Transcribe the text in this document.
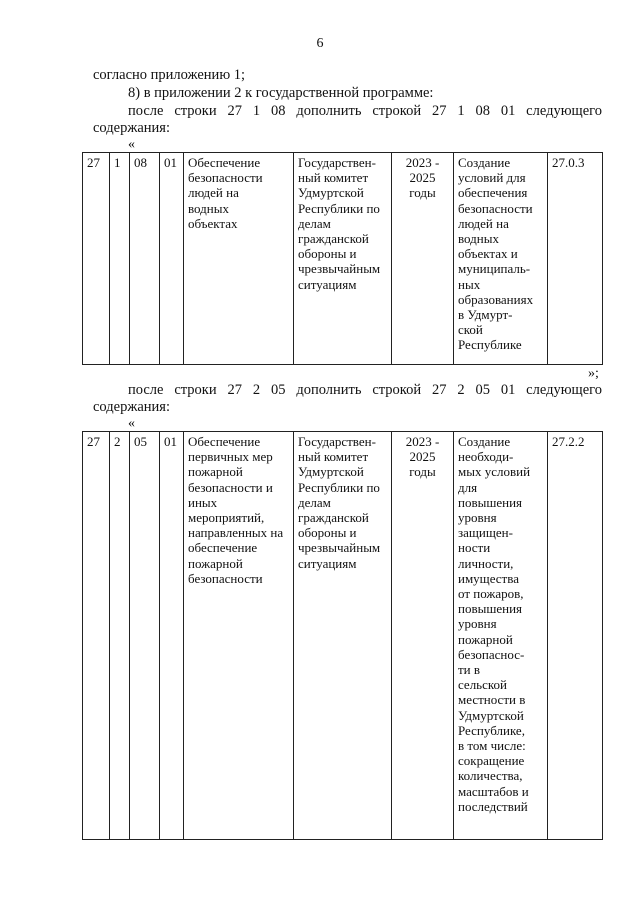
6
согласно приложению 1;
8) в приложении 2 к государственной программе:
после строки 27 1 08 дополнить строкой 27 1 08 01 следующего
содержания:
«
27	1	08	01	Обеспечение
безопасности
людей на
водных
объектах	Государствен-
ный комитет
Удмуртской
Республики по
делам
гражданской
обороны и
чрезвычайным
ситуациям	2023 -
2025
годы	Создание
условий для
обеспечения
безопасности
людей на
водных
объектах и
муниципаль-
ных
образованиях
в Удмурт-
ской
Республике	27.0.3
»;
после строки 27 2 05 дополнить строкой 27 2 05 01 следующего
содержания:
«
27	2	05	01	Обеспечение
первичных мер
пожарной
безопасности и
иных
мероприятий,
направленных на
обеспечение
пожарной
безопасности	Государствен-
ный комитет
Удмуртской
Республики по
делам
гражданской
обороны и
чрезвычайным
ситуациям	2023 -
2025
годы	Создание
необходи-
мых условий
для
повышения
уровня
защищен-
ности
личности,
имущества
от пожаров,
повышения
уровня
пожарной
безопаснос-
ти в
сельской
местности в
Удмуртской
Республике,
в том числе:
сокращение
количества,
масштабов и
последствий	27.2.2
